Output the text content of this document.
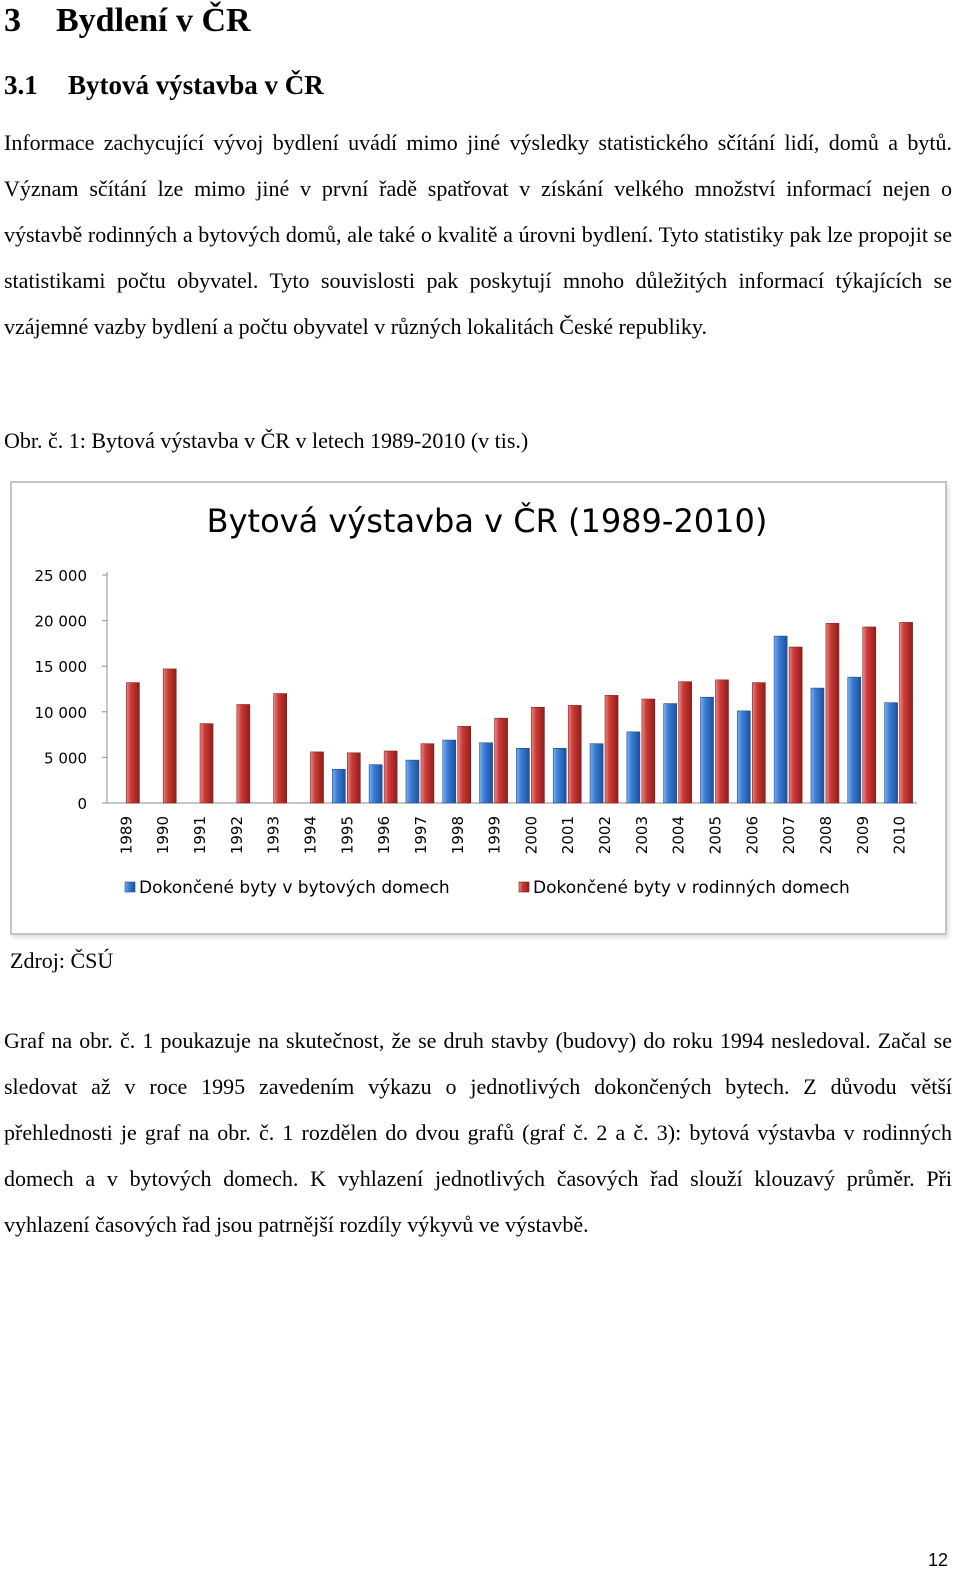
3 Bydlení v ČR
3.1 Bytová výstavba v ČR

Informace zachycující vývoj bydlení uvádí mimo jiné výsledky statistického sčítání lidí, domů a bytů. Význam sčítání lze mimo jiné v první řadě spatřovat v získání velkého množství informací nejen o výstavbě rodinných a bytových domů, ale také o kvalitě a úrovni bydlení. Tyto statistiky pak lze propojit se statistikami počtu obyvatel. Tyto souvislosti pak poskytují mnoho důležitých informací týkajících se vzájemné vazby bydlení a počtu obyvatel v různých lokalitách České republiky.

Obr. č. 1: Bytová výstavba v ČR v letech 1989-2010 (v tis.)
Bytová výstavba v ČR (1989-2010)
0
5 000
10 000
15 000
20 000
25 000
1989 1990 1991 1992 1993 1994 1995 1996 1997 1998 1999 2000 2001 2002 2003 2004 2005 2006 2007 2008 2009 2010
Dokončené byty v bytových domech	Dokončené byty v rodinných domech
Zdroj: ČSÚ

Graf na obr. č. 1 poukazuje na skutečnost, že se druh stavby (budovy) do roku 1994 nesledoval. Začal se sledovat až v roce 1995 zavedením výkazu o jednotlivých dokončených bytech. Z důvodu větší přehlednosti je graf na obr. č. 1 rozdělen do dvou grafů (graf č. 2 a č. 3): bytová výstavba v rodinných domech a v bytových domech. K vyhlazení jednotlivých časových řad slouží klouzavý průměr. Při vyhlazení časových řad jsou patrnější rozdíly výkyvů ve výstavbě.

12
